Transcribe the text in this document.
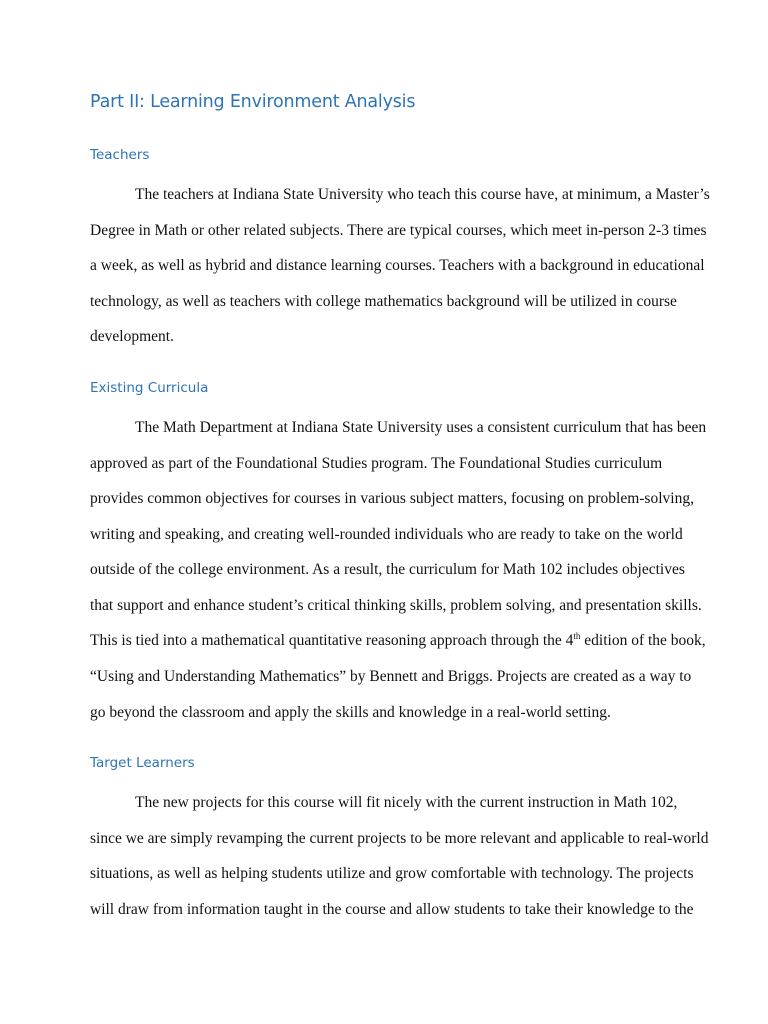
Part II: Learning Environment Analysis
Teachers
The teachers at Indiana State University who teach this course have, at minimum, a Master’s
Degree in Math or other related subjects. There are typical courses, which meet in-person 2-3 times
a week, as well as hybrid and distance learning courses. Teachers with a background in educational
technology, as well as teachers with college mathematics background will be utilized in course
development.
Existing Curricula
The Math Department at Indiana State University uses a consistent curriculum that has been
approved as part of the Foundational Studies program. The Foundational Studies curriculum
provides common objectives for courses in various subject matters, focusing on problem-solving,
writing and speaking, and creating well-rounded individuals who are ready to take on the world
outside of the college environment. As a result, the curriculum for Math 102 includes objectives
that support and enhance student’s critical thinking skills, problem solving, and presentation skills.
This is tied into a mathematical quantitative reasoning approach through the 4th edition of the book,
“Using and Understanding Mathematics” by Bennett and Briggs. Projects are created as a way to
go beyond the classroom and apply the skills and knowledge in a real-world setting.
Target Learners
The new projects for this course will fit nicely with the current instruction in Math 102,
since we are simply revamping the current projects to be more relevant and applicable to real-world
situations, as well as helping students utilize and grow comfortable with technology. The projects
will draw from information taught in the course and allow students to take their knowledge to the
